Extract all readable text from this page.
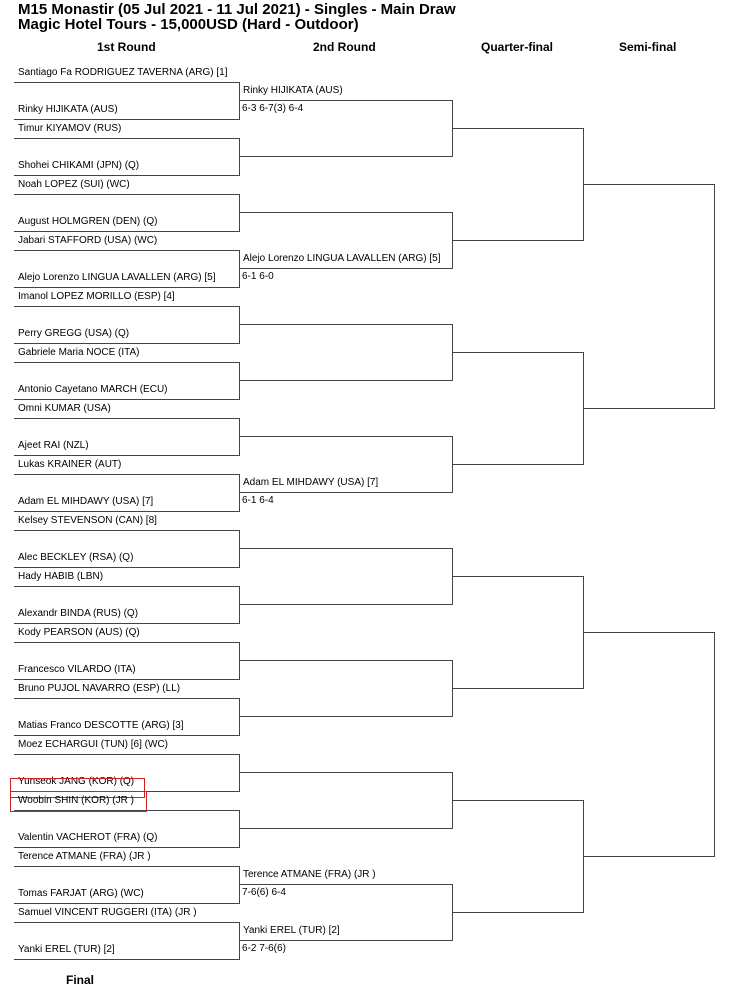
M15 Monastir (05 Jul 2021 - 11 Jul 2021) - Singles - Main Draw
Magic Hotel Tours - 15,000USD (Hard - Outdoor)
1st Round	2nd Round	Quarter-final	Semi-final
Santiago Fa RODRIGUEZ TAVERNA (ARG) [1]
Rinky HIJIKATA (AUS)
Timur KIYAMOV (RUS)
Shohei CHIKAMI (JPN) (Q)
Noah LOPEZ (SUI) (WC)
August HOLMGREN (DEN) (Q)
Jabari STAFFORD (USA) (WC)
Alejo Lorenzo LINGUA LAVALLEN (ARG) [5]
Imanol LOPEZ MORILLO (ESP) [4]
Perry GREGG (USA) (Q)
Gabriele Maria NOCE (ITA)
Antonio Cayetano MARCH (ECU)
Omni KUMAR (USA)
Ajeet RAI (NZL)
Lukas KRAINER (AUT)
Adam EL MIHDAWY (USA) [7]
Kelsey STEVENSON (CAN) [8]
Alec BECKLEY (RSA) (Q)
Hady HABIB (LBN)
Alexandr BINDA (RUS) (Q)
Kody PEARSON (AUS) (Q)
Francesco VILARDO (ITA)
Bruno PUJOL NAVARRO (ESP) (LL)
Matias Franco DESCOTTE (ARG) [3]
Moez ECHARGUI (TUN) [6] (WC)
Yunseok JANG (KOR) (Q)
Woobin SHIN (KOR) (JR )
Valentin VACHEROT (FRA) (Q)
Terence ATMANE (FRA) (JR )
Tomas FARJAT (ARG) (WC)
Samuel VINCENT RUGGERI (ITA) (JR )
Yanki EREL (TUR) [2]
Rinky HIJIKATA (AUS)
6-3 6-7(3) 6-4
Alejo Lorenzo LINGUA LAVALLEN (ARG) [5]
6-1 6-0
Adam EL MIHDAWY (USA) [7]
6-1 6-4
Terence ATMANE (FRA) (JR )
7-6(6) 6-4
Yanki EREL (TUR) [2]
6-2 7-6(6)
Final
